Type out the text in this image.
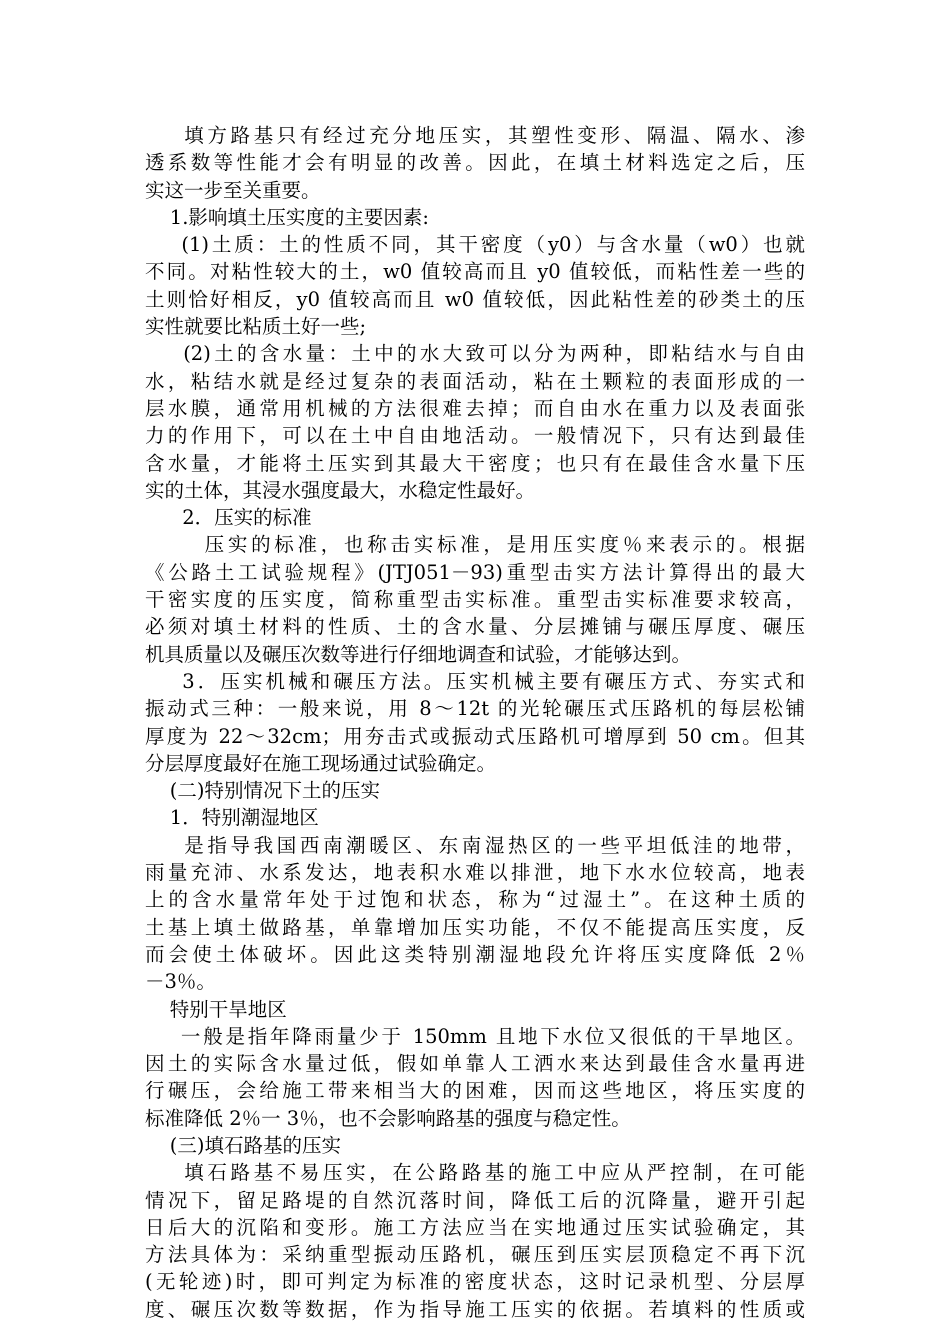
填方路基只有经过充分地压实，其塑性变形、隔温、隔水、渗
透系数等性能才会有明显的改善。因此，在填土材料选定之后，压
实这一步至关重要。
1.影响填土压实度的主要因素:
(1)土质：土的性质不同，其干密度（y0）与含水量（w0）也就
不同。对粘性较大的土，w0 值较高而且 y0 值较低，而粘性差一些的
土则恰好相反，y0 值较高而且 w0 值较低，因此粘性差的砂类土的压
实性就要比粘质土好一些;
(2)土的含水量：土中的水大致可以分为两种，即粘结水与自由
水，粘结水就是经过复杂的表面活动，粘在土颗粒的表面形成的一
层水膜，通常用机械的方法很难去掉；而自由水在重力以及表面张
力的作用下，可以在土中自由地活动。一般情况下，只有达到最佳
含水量，才能将土压实到其最大干密度；也只有在最佳含水量下压
实的土体，其浸水强度最大，水稳定性最好。
2．压实的标准
压实的标准，也称击实标准，是用压实度％来表示的。根据
《公路土工试验规程》(JTJ051－93)重型击实方法计算得出的最大
干密实度的压实度，简称重型击实标准。重型击实标准要求较高，
必须对填土材料的性质、土的含水量、分层摊铺与碾压厚度、碾压
机具质量以及碾压次数等进行仔细地调查和试验，才能够达到。
3．压实机械和碾压方法。压实机械主要有碾压方式、夯实式和
振动式三种：一般来说，用 8～12t 的光轮碾压式压路机的每层松铺
厚度为 22～32cm；用夯击式或振动式压路机可增厚到 50 cm。但其
分层厚度最好在施工现场通过试验确定。
(二)特别情况下土的压实
1．特别潮湿地区
是指导我国西南潮暖区、东南湿热区的一些平坦低洼的地带，
雨量充沛、水系发达，地表积水难以排泄，地下水水位较高，地表
上的含水量常年处于过饱和状态，称为“过湿土”。在这种土质的
土基上填土做路基，单靠增加压实功能，不仅不能提高压实度，反
而会使土体破坏。因此这类特别潮湿地段允许将压实度降低 2％
－3％。
特别干旱地区
一般是指年降雨量少于 150mm 且地下水位又很低的干旱地区。
因土的实际含水量过低，假如单靠人工洒水来达到最佳含水量再进
行碾压，会给施工带来相当大的困难，因而这些地区，将压实度的
标准降低 2％一 3％，也不会影响路基的强度与稳定性。
(三)填石路基的压实
填石路基不易压实，在公路路基的施工中应从严控制，在可能
情况下，留足路堤的自然沉落时间，降低工后的沉降量，避开引起
日后大的沉陷和变形。施工方法应当在实地通过压实试验确定，其
方法具体为：采纳重型振动压路机，碾压到压实层顶稳定不再下沉
(无轮迹)时，即可判定为标准的密度状态，这时记录机型、分层厚
度、碾压次数等数据，作为指导施工压实的依据。若填料的性质或
